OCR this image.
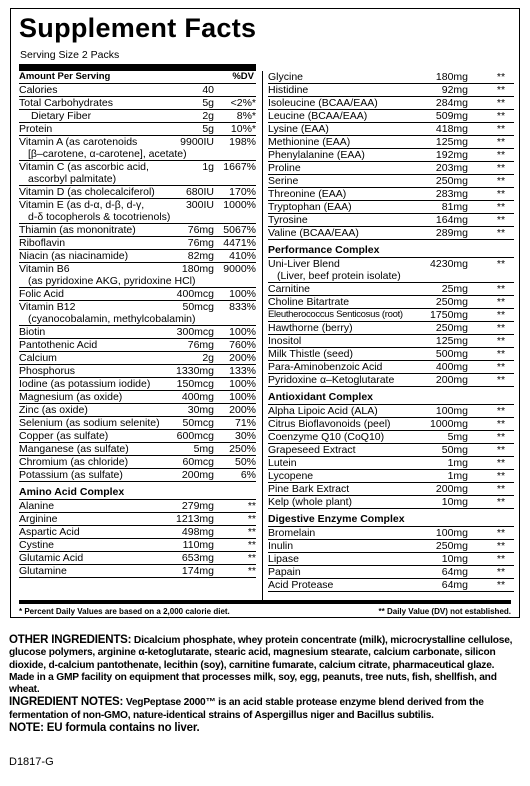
Supplement Facts
Serving Size 2 Packs
Amount Per Serving	%DV
Calories	40
Total Carbohydrates	5g	<2%*
Dietary Fiber	2g	8%*
Protein	5g	10%*
Vitamin A (as carotenoids
[β–carotene, α-carotene], acetate)
9900IU	198%
Vitamin C (as ascorbic acid,
ascorbyl palmitate)
1g 1667%
Vitamin D (as cholecalciferol)	680IU	170%
Vitamin E (as d-α, d-β, d-γ,
d-δ tocopherols & tocotrienols)
300IU 1000%
Thiamin (as mononitrate)	76mg 5067%
Riboflavin	76mg 4471%
Niacin (as niacinamide)	82mg	410%
Vitamin B6
(as pyridoxine AKG, pyridoxine HCl)
180mg 9000%
Folic Acid	400mcg	100%
Vitamin B12
(cyanocobalamin, methylcobalamin)
50mcg	833%
Biotin	300mcg	100%
Pantothenic Acid	76mg	760%
Calcium	2g	200%
Phosphorus	1330mg	133%
Iodine (as potassium iodide)	150mcg	100%
Magnesium (as oxide)	400mg	100%
Zinc (as oxide)	30mg	200%
Selenium (as sodium selenite)	50mcg	71%
Copper (as sulfate)	600mcg	30%
Manganese (as sulfate)	5mg	250%
Chromium (as chloride)	60mcg	50%
Potassium (as sulfate)	200mg	6%
Amino Acid Complex
Alanine	279mg	**
Arginine	1213mg	**
Aspartic Acid	498mg	**
Cystine	110mg	**
Glutamic Acid	653mg	**
Glutamine	174mg	**
Glycine	180mg	**
Histidine	92mg	**
Isoleucine (BCAA/EAA)	284mg	**
Leucine (BCAA/EAA)	509mg	**
Lysine (EAA)	418mg	**
Methionine (EAA)	125mg	**
Phenylalanine (EAA)	192mg	**
Proline	203mg	**
Serine	250mg	**
Threonine (EAA)	283mg	**
Tryptophan (EAA)	81mg	**
Tyrosine	164mg	**
Valine (BCAA/EAA)	289mg	**
Performance Complex
Uni-Liver Blend
(Liver, beef protein isolate)
4230mg	**
Carnitine	25mg	**
Choline Bitartrate	250mg	**
Eleutherococcus Senticosus (root)	1750mg	**
Hawthorne (berry)	250mg	**
Inositol	125mg	**
Milk Thistle (seed)	500mg	**
Para-Aminobenzoic Acid	400mg	**
Pyridoxine α–Ketoglutarate	200mg	**
Antioxidant Complex
Alpha Lipoic Acid (ALA)	100mg	**
Citrus Bioflavonoids (peel)	1000mg	**
Coenzyme Q10 (CoQ10)	5mg	**
Grapeseed Extract	50mg	**
Lutein	1mg	**
Lycopene	1mg	**
Pine Bark Extract	200mg	**
Kelp (whole plant)	10mg	**
Digestive Enzyme Complex
Bromelain	100mg	**
Inulin	250mg	**
Lipase	10mg	**
Papain	64mg	**
Acid Protease	64mg	**
* Percent Daily Values are based on a 2,000 calorie diet.	** Daily Value (DV) not established.
OTHER INGREDIENTS: Dicalcium phosphate, whey protein concentrate (milk), microcrystalline cellulose, glucose polymers, arginine α-ketoglutarate, stearic acid, magnesium stearate, calcium carbonate, silicon dioxide, d-calcium pantothenate, lecithin (soy), carnitine fumarate, calcium citrate, pharmaceutical glaze. Made in a GMP facility on equipment that processes milk, soy, egg, peanuts, tree nuts, fish, shellfish, and wheat.
INGREDIENT NOTES: VegPeptase 2000™ is an acid stable protease enzyme blend derived from the fermentation of non-GMO, nature-identical strains of Aspergillus niger and Bacillus subtilis.
NOTE: EU formula contains no liver.
D1817-G
